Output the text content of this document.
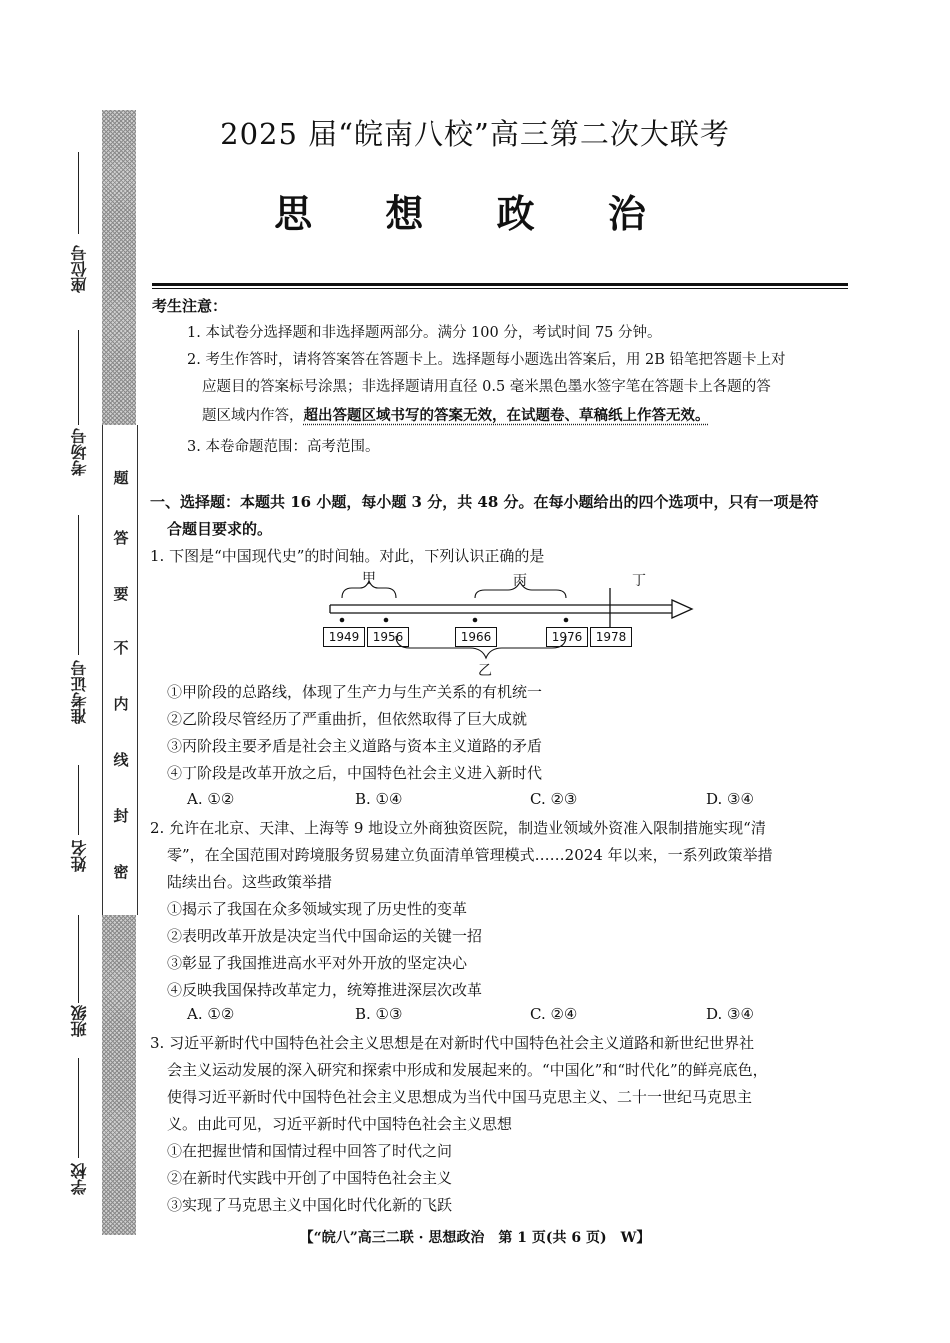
题
答
要
不
内
线
封
密
座位号
考场号
准考证号
姓名
班级
学校
2025 届“皖南八校”高三第二次大联考
思 想 政 治
考生注意：
1. 本试卷分选择题和非选择题两部分。满分 100 分，考试时间 75 分钟。
2. 考生作答时，请将答案答在答题卡上。选择题每小题选出答案后，用 2B 铅笔把答题卡上对
应题目的答案标号涂黑；非选择题请用直径 0.5 毫米黑色墨水签字笔在答题卡上各题的答
题区域内作答，超出答题区域书写的答案无效，在试题卷、草稿纸上作答无效。
3. 本卷命题范围：高考范围。
一、选择题：本题共 16 小题，每小题 3 分，共 48 分。在每小题给出的四个选项中，只有一项是符
合题目要求的。
1. 下图是“中国现代史”的时间轴。对此，下列认识正确的是
甲	丙	丁
乙
1949	1956	1966	1976	1978
①甲阶段的总路线，体现了生产力与生产关系的有机统一
②乙阶段尽管经历了严重曲折，但依然取得了巨大成就
③丙阶段主要矛盾是社会主义道路与资本主义道路的矛盾
④丁阶段是改革开放之后，中国特色社会主义进入新时代
A. ①②	B. ①④	C. ②③	D. ③④
2. 允许在北京、天津、上海等 9 地设立外商独资医院，制造业领域外资准入限制措施实现“清
零”，在全国范围对跨境服务贸易建立负面清单管理模式……2024 年以来，一系列政策举措
陆续出台。这些政策举措
①揭示了我国在众多领域实现了历史性的变革
②表明改革开放是决定当代中国命运的关键一招
③彰显了我国推进高水平对外开放的坚定决心
④反映我国保持改革定力，统筹推进深层次改革
A. ①②	B. ①③	C. ②④	D. ③④
3. 习近平新时代中国特色社会主义思想是在对新时代中国特色社会主义道路和新世纪世界社
会主义运动发展的深入研究和探索中形成和发展起来的。“中国化”和“时代化”的鲜亮底色，
使得习近平新时代中国特色社会主义思想成为当代中国马克思主义、二十一世纪马克思主
义。由此可见，习近平新时代中国特色社会主义思想
①在把握世情和国情过程中回答了时代之问
②在新时代实践中开创了中国特色社会主义
③实现了马克思主义中国化时代化新的飞跃
【“皖八”高三二联 · 思想政治　第 1 页(共 6 页)　W】
